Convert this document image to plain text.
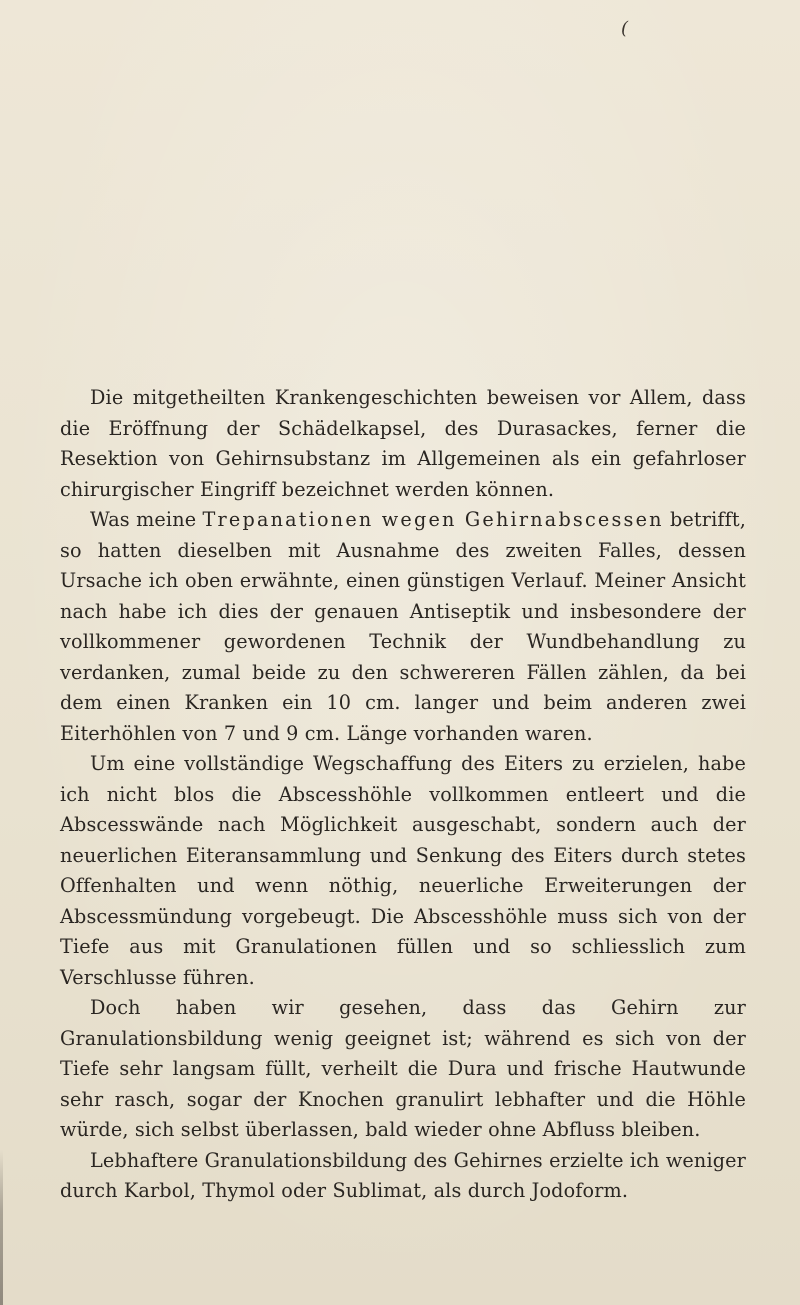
(

Die mitgetheilten Krankengeschichten beweisen vor Allem, dass die Eröffnung der Schädelkapsel, des Durasackes, ferner die Resektion von Gehirnsubstanz im Allgemeinen als ein gefahrloser chirurgischer Eingriff bezeichnet werden können.

Was meine Trepanationen wegen Gehirnabscessen betrifft, so hatten dieselben mit Ausnahme des zweiten Falles, dessen Ursache ich oben erwähnte, einen günstigen Verlauf. Meiner Ansicht nach habe ich dies der genauen Antiseptik und insbesondere der vollkommener gewordenen Technik der Wundbehandlung zu verdanken, zumal beide zu den schwereren Fällen zählen, da bei dem einen Kranken ein 10 cm. langer und beim anderen zwei Eiterhöhlen von 7 und 9 cm. Länge vorhanden waren.

Um eine vollständige Wegschaffung des Eiters zu erzielen, habe ich nicht blos die Abscesshöhle vollkommen entleert und die Abscesswände nach Möglichkeit ausgeschabt, sondern auch der neuerlichen Eiteransammlung und Senkung des Eiters durch stetes Offenhalten und wenn nöthig, neuerliche Erweiterungen der Abscessmündung vorgebeugt. Die Abscesshöhle muss sich von der Tiefe aus mit Granulationen füllen und so schliesslich zum Verschlusse führen.

Doch haben wir gesehen, dass das Gehirn zur Granulationsbildung wenig geeignet ist; während es sich von der Tiefe sehr langsam füllt, verheilt die Dura und frische Hautwunde sehr rasch, sogar der Knochen granulirt lebhafter und die Höhle würde, sich selbst überlassen, bald wieder ohne Abfluss bleiben.

Lebhaftere Granulationsbildung des Gehirnes erzielte ich weniger durch Karbol, Thymol oder Sublimat, als durch Jodoform.
